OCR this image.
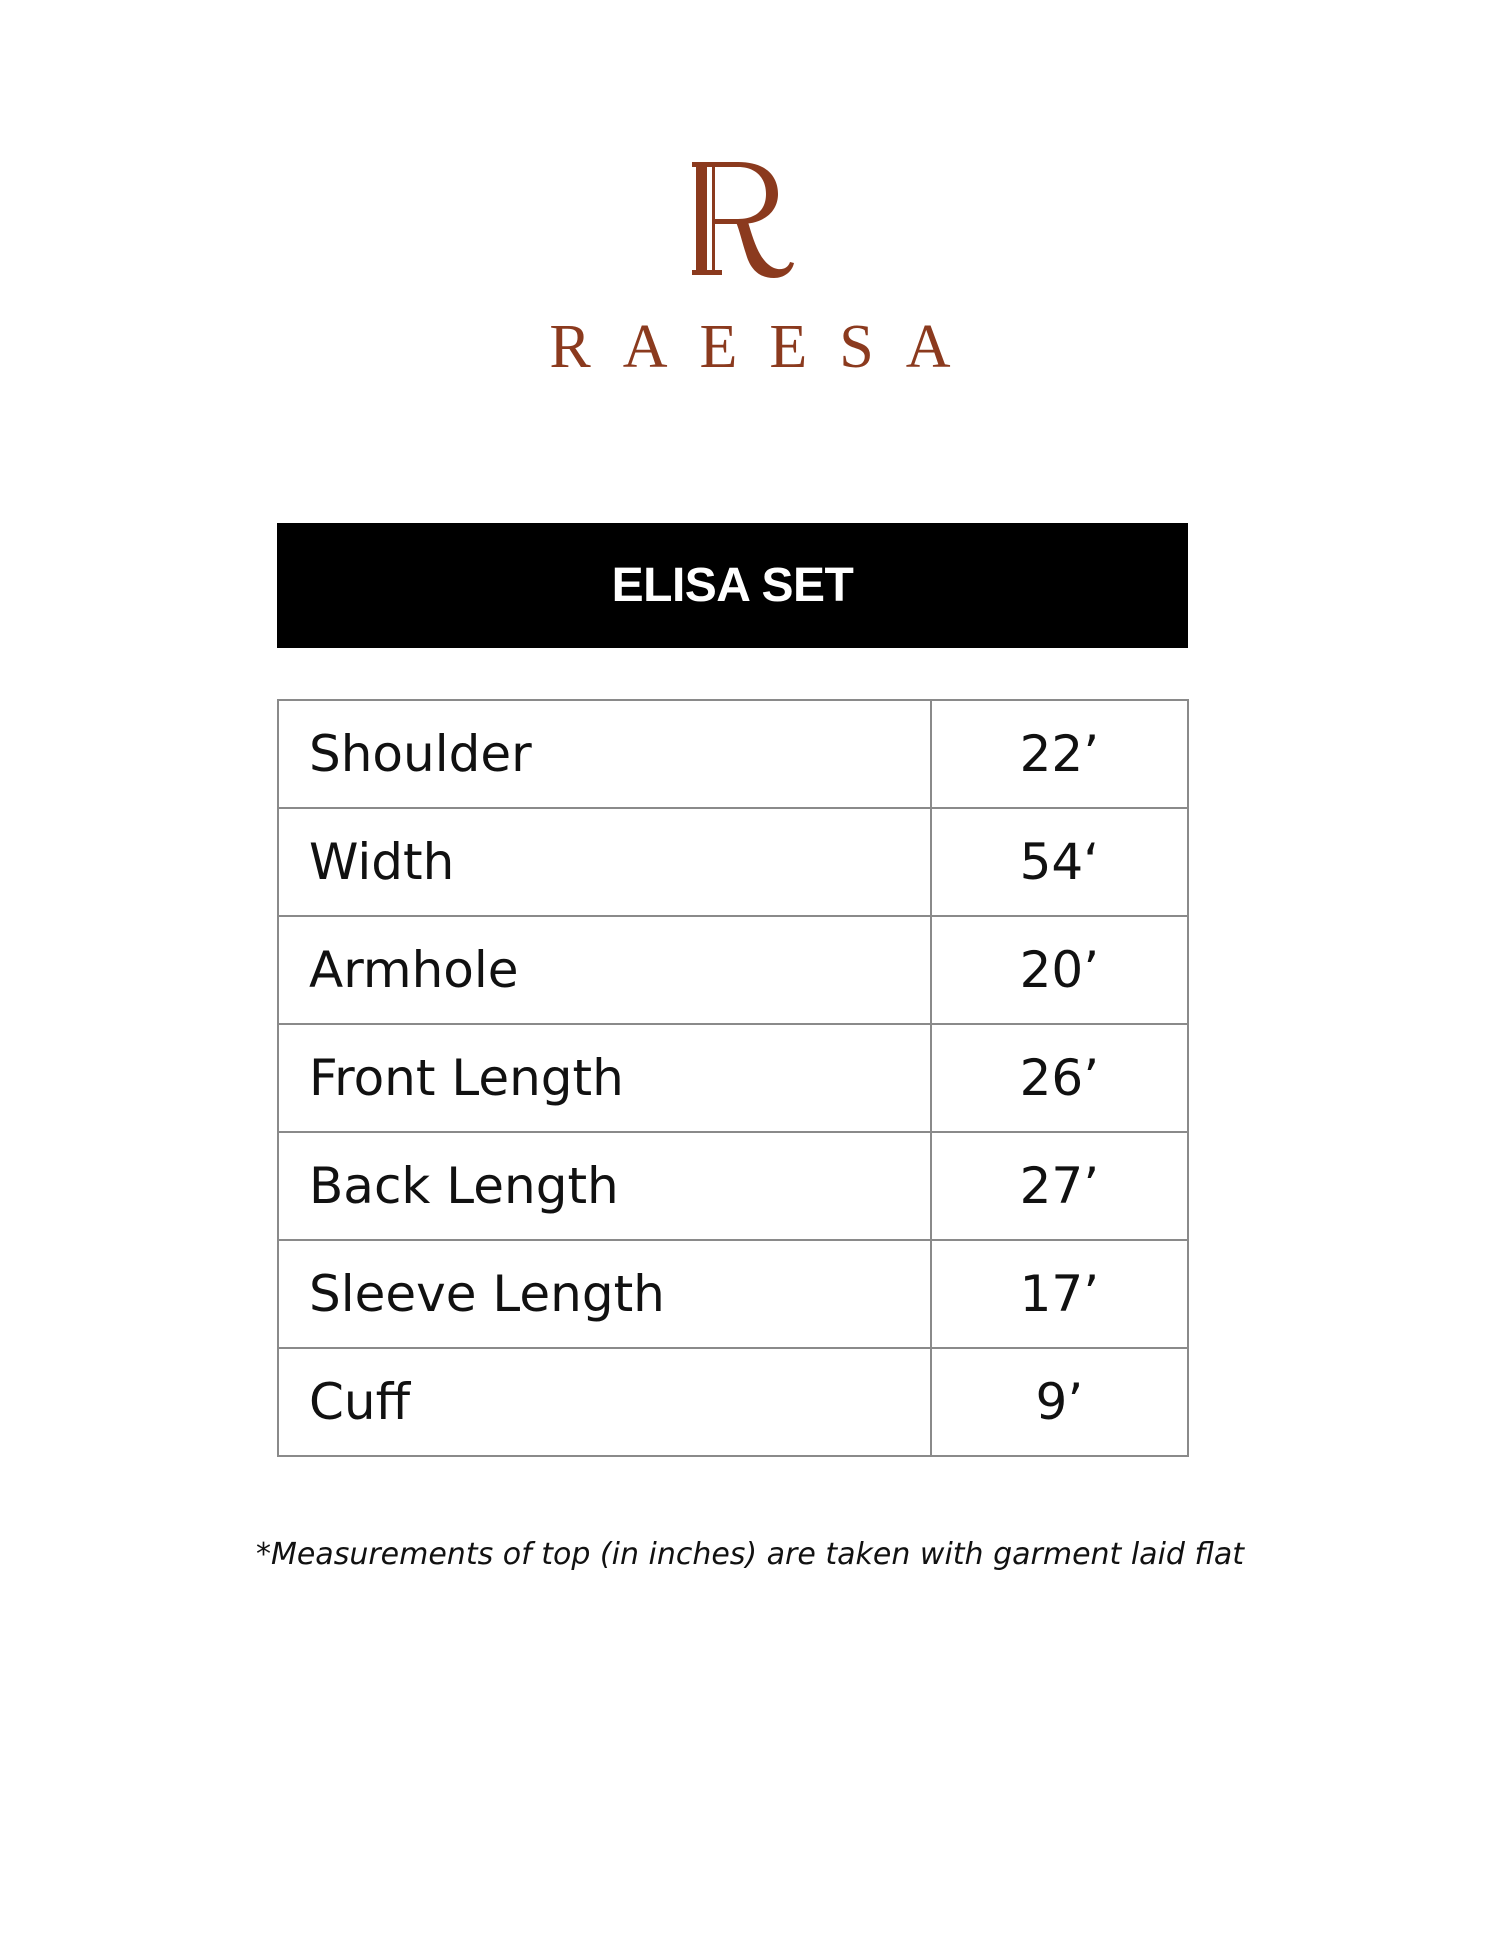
RAEESA
ELISA SET
Shoulder	22’
Width	54‘
Armhole	20’
Front Length	26’
Back Length	27’
Sleeve Length	17’
Cuff	9’
*Measurements of top (in inches) are taken with garment laid flat
